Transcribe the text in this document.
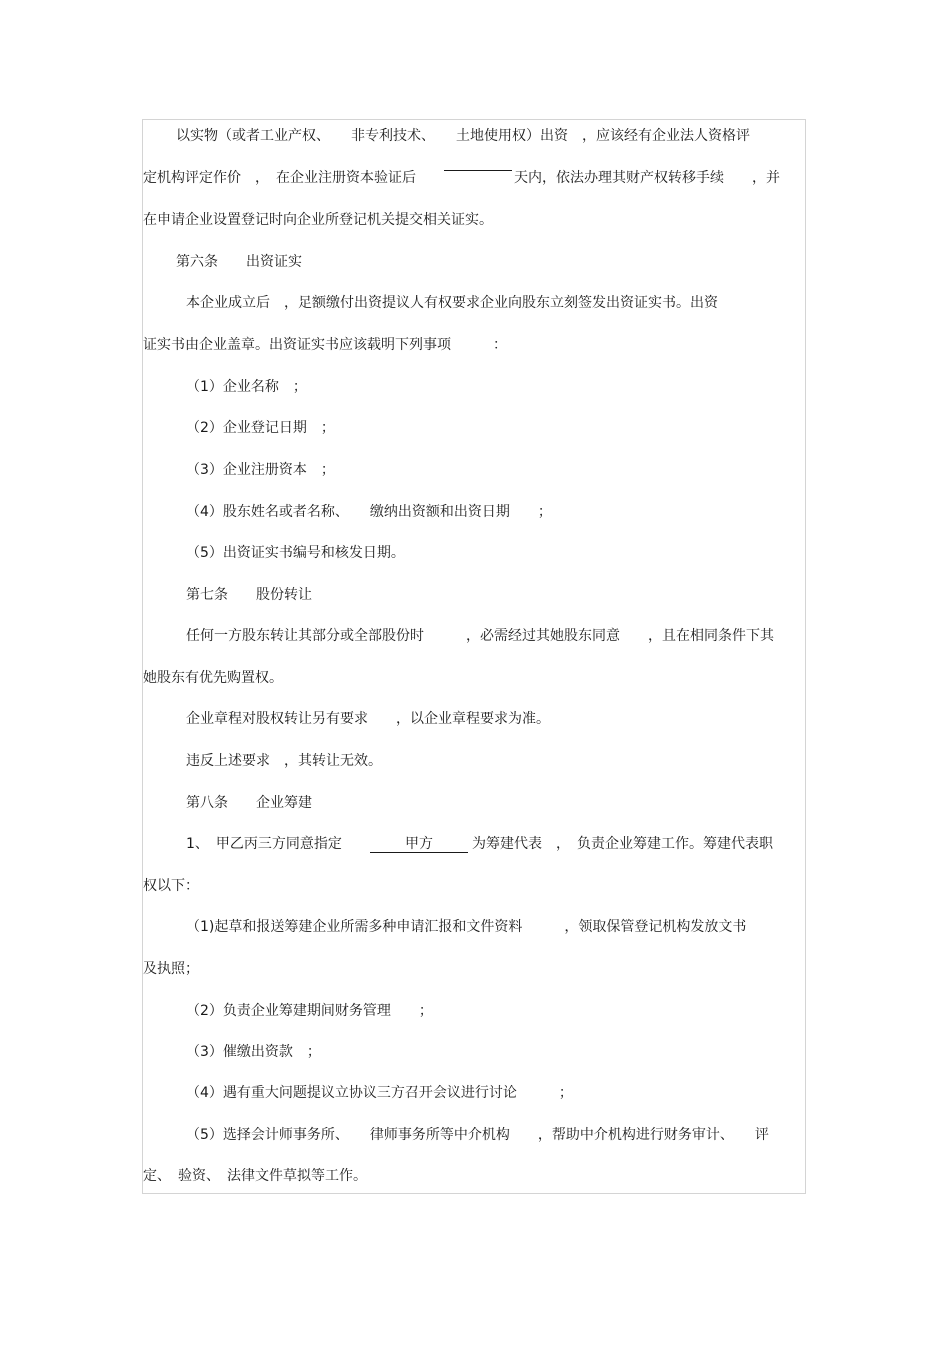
以实物（或者工业产权、　　非专利技术、　　土地使用权）出资　，应该经有企业法人资格评
定机构评定作价　，　在企业注册资本验证后	天内，依法办理其财产权转移手续　　，并
在申请企业设置登记时向企业所登记机关提交相关证实。
第六条　　出资证实
本企业成立后　，足额缴付出资提议人有权要求企业向股东立刻签发出资证实书。出资
证实书由企业盖章。出资证实书应该载明下列事项　　　：
（1）企业名称　；
（2）企业登记日期　；
（3）企业注册资本　；
（4）股东姓名或者名称、　　缴纳出资额和出资日期　　；
（5）出资证实书编号和核发日期。
第七条　　股份转让
任何一方股东转让其部分或全部股份时　　　，必需经过其她股东同意　　，且在相同条件下其
她股东有优先购置权。
企业章程对股权转让另有要求　　，以企业章程要求为准。
违反上述要求　，其转让无效。
第八条　　企业筹建
1、　甲乙丙三方同意指定	甲方	为筹建代表　，　负责企业筹建工作。筹建代表职
权以下：
（1)起草和报送筹建企业所需多种申请汇报和文件资料　　　，领取保管登记机构发放文书
及执照；
（2）负责企业筹建期间财务管理　　；
（3）催缴出资款　；
（4）遇有重大问题提议立协议三方召开会议进行讨论　　　；
（5）选择会计师事务所、　　律师事务所等中介机构　　，帮助中介机构进行财务审计、　　评
定、　验资、　法律文件草拟等工作。
